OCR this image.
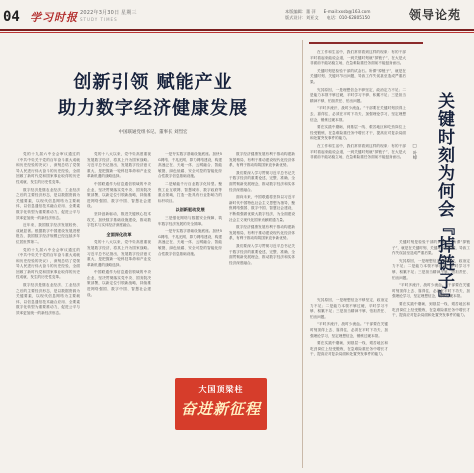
04 学习时报 2022年3月30日 星期三
STUDY TIMES
本版编辑：董 萍 E-mail:xxsb@163.com
版式设计：刘亚文 电话：010-62805150	领导论苑
创新引领 赋能产业
助力数字经济健康发展
中国联通党组书记、董事长 刘烈宏

党的十九届六中全会审议通过的《中共中央关于党的百年奋斗重大成就和历史经验的决议》，深刻总结了党领导人民进行伟大奋斗的历史经验，全面回顾了新时代党和国家事业取得的历史性成就、发生的历史性变革。

数字经济是继农业经济、工业经济之后的主要经济形态，是以数据资源为关键要素，以现代信息网络为主要载体，以信息通信技术融合应用、全要素数字化转型为重要推动力，促进公平与效率更加统一的新经济形态。

近年来，我国数字经济发展较快、成就显著。根据数字中国建设发展进程报告，我国数字经济规模已经连续多年位居世界第二。

党的十九届六中全会审议通过的《中共中央关于党的百年奋斗重大成就和历史经验的决议》，深刻总结了党领导人民进行伟大奋斗的历史经验，全面回顾了新时代党和国家事业取得的历史性成就、发生的历史性变革。

数字经济是继农业经济、工业经济之后的主要经济形态，是以数据资源为关键要素，以现代信息网络为主要载体，以信息通信技术融合应用、全要素数字化转型为重要推动力，促进公平与效率更加统一的新经济形态。

党的十八大以来，党中央高度重视发展数字经济，将其上升为国家战略。习近平总书记指出，发展数字经济意义重大，是把握新一轮科技革命和产业变革新机遇的战略选择。

中国联通作为信息通信领域的中央企业，坚决贯彻落实党中央、国务院决策部署，以新定位引领新战略，持续推进网络强国、数字中国、智慧社会建设。

坚持创新驱动，推进关键核心技术攻关，加快数字基础设施建设，推动数字技术与实体经济深度融合。

全面深化改革

党的十八大以来，党中央高度重视发展数字经济，将其上升为国家战略。习近平总书记指出，发展数字经济意义重大，是把握新一轮科技革命和产业变革新机遇的战略选择。

中国联通作为信息通信领域的中央企业，坚决贯彻落实党中央、国务院决策部署，以新定位引领新战略，持续推进网络强国、数字中国、智慧社会建设。

一是夯实数字基础设施底座。加快5G网络、千兆光网、算力网络建设，构建高速泛在、天地一体、云网融合、智能敏捷、绿色低碳、安全可控的智能化综合性数字信息基础设施。

二是赋能千行百业数字化转型。聚焦工业互联网、智慧城市、数字政府等重点领域，打造一批具有行业影响力的标杆项目。

以创新驱动发展

三是强化网络与数据安全保障，筑牢数字经济发展的安全屏障。

一是夯实数字基础设施底座。加快5G网络、千兆光网、算力网络建设，构建高速泛在、天地一体、云网融合、智能敏捷、绿色低碳、安全可控的智能化综合性数字信息基础设施。

数字经济健康发展有利于推动构建新发展格局，有利于推动建设现代化经济体系，有利于推动构筑国家竞争新优势。

我们要深入学习贯彻习近平总书记关于数字经济的重要论述，完整、准确、全面贯彻新发展理念，推动数字经济和实体经济深度融合。

面向未来，中国联通将坚持以习近平新时代中国特色社会主义思想为指导，聚焦网络强国、数字中国、智慧社会建设，不断做强做优做大数字经济，为全面建设社会主义现代化国家贡献联通力量。

数字经济健康发展有利于推动构建新发展格局，有利于推动建设现代化经济体系，有利于推动构筑国家竞争新优势。

我们要深入学习贯彻习近平总书记关于数字经济的重要论述，完整、准确、全面贯彻新发展理念，推动数字经济和实体经济深度融合。

大国顶梁柱
奋进新征程
关键时刻为何会『掉链子』
□ 叶峰

在工作和生活中，我们常常看到这样的现象：有的干部平时看起来能说会道，一到关键时刻就“掉链子”，在大是大非面前不能站稳立场，在急难险重任务面前不能挺身而出。

关键时刻是检验干部的试金石。所谓“掉链子”，就是在关键时刻、关键环节出问题，导致工作失误甚至造成严重后果。

究其原因，一是理想信念不够坚定，政治定力不足；二是能力本领不够过硬，平时学习不够、积累不足；三是担当精神不够，怕担责任、怕出问题。

“平时多流汗，战时少流血。”干部要在关键时刻顶得上去、靠得住，必须在平时下功夫，加强理论学习，坚定理想信念，锤炼过硬本领。

要在实践中磨砺，到基层一线、艰苦地区和吃劲岗位上经受锻炼，在急难险重任务中增长才干，提高应对复杂局面和处置突发事件的能力。

在工作和生活中，我们常常看到这样的现象：有的干部平时看起来能说会道，一到关键时刻就“掉链子”，在大是大非面前不能站稳立场，在急难险重任务面前不能挺身而出。

究其原因，一是理想信念不够坚定，政治定力不足；二是能力本领不够过硬，平时学习不够、积累不足；三是担当精神不够，怕担责任、怕出问题。

“平时多流汗，战时少流血。”干部要在关键时刻顶得上去、靠得住，必须在平时下功夫，加强理论学习，坚定理想信念，锤炼过硬本领。

要在实践中磨砺，到基层一线、艰苦地区和吃劲岗位上经受锻炼，在急难险重任务中增长才干，提高应对复杂局面和处置突发事件的能力。

关键时刻是检验干部的试金石。所谓“掉链子”，就是在关键时刻、关键环节出问题，导致工作失误甚至造成严重后果。

究其原因，一是理想信念不够坚定，政治定力不足；二是能力本领不够过硬，平时学习不够、积累不足；三是担当精神不够，怕担责任、怕出问题。

“平时多流汗，战时少流血。”干部要在关键时刻顶得上去、靠得住，必须在平时下功夫，加强理论学习，坚定理想信念，锤炼过硬本领。

要在实践中磨砺，到基层一线、艰苦地区和吃劲岗位上经受锻炼，在急难险重任务中增长才干，提高应对复杂局面和处置突发事件的能力。
